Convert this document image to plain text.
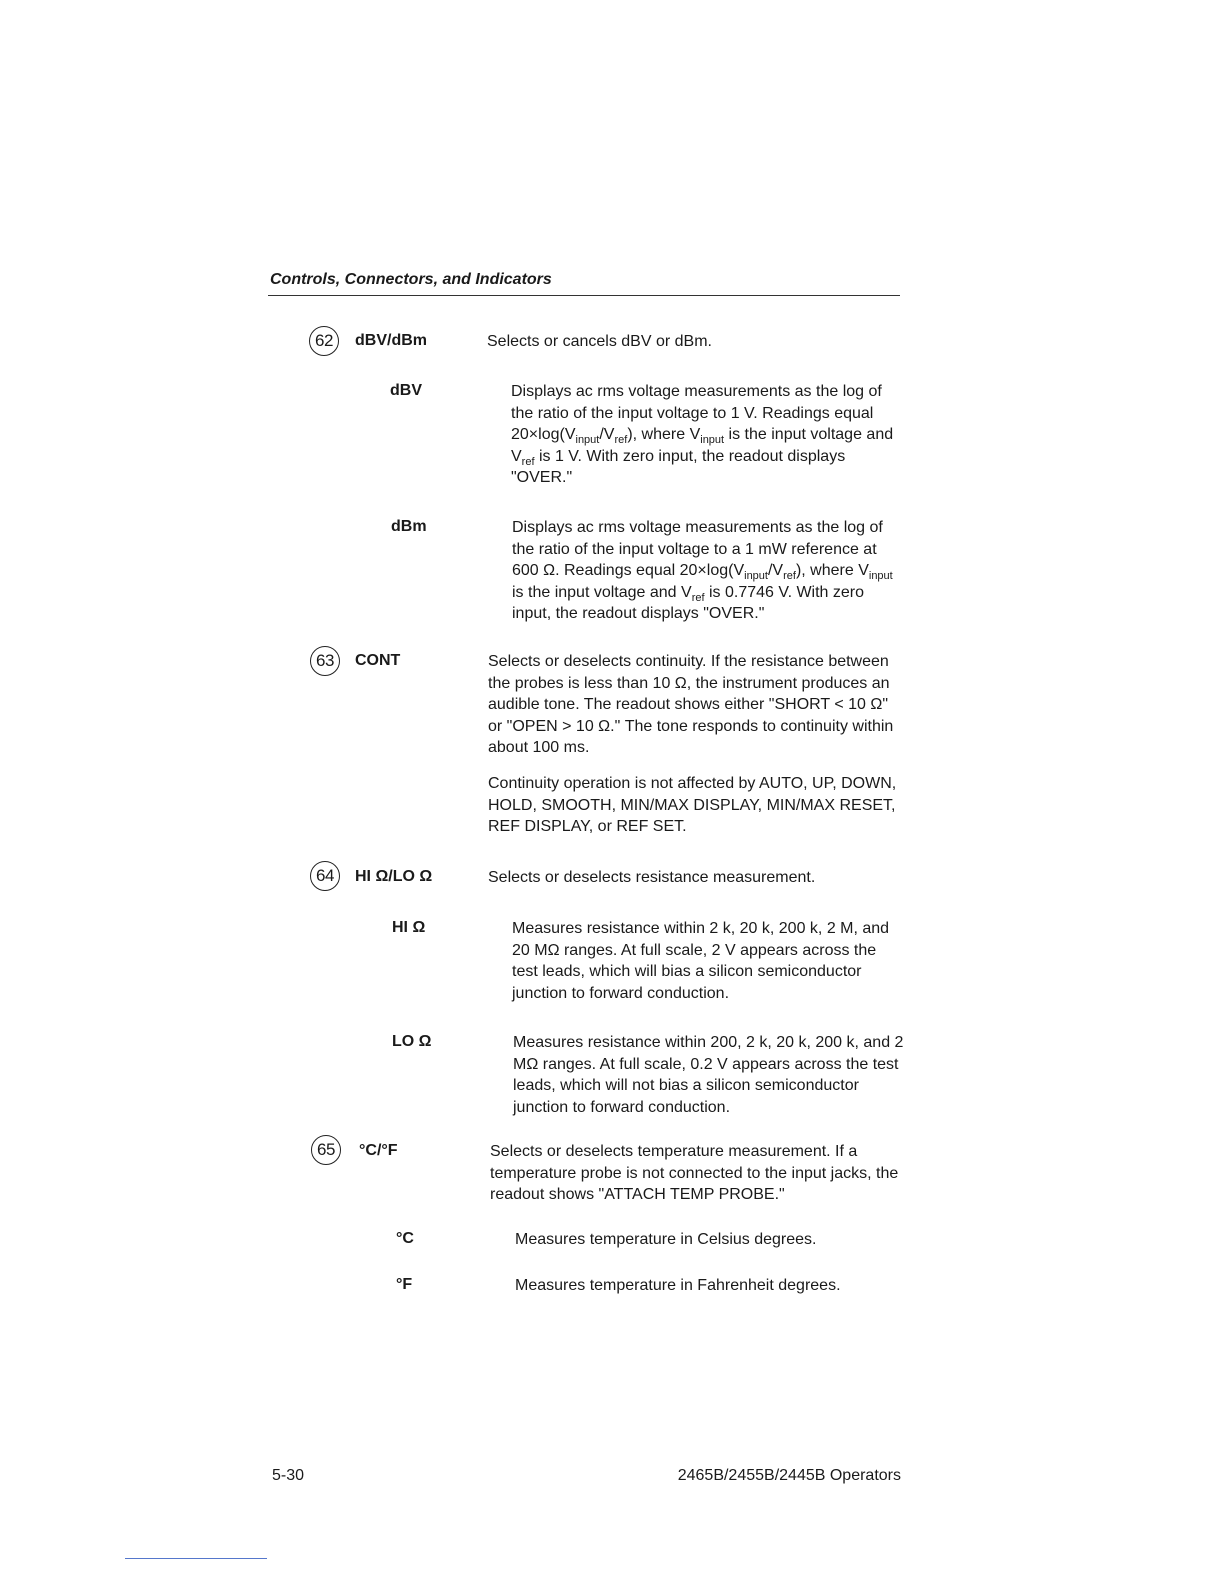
Controls, Connectors, and Indicators
62	dBV/dBm	Selects or cancels dBV or dBm.
dBV	Displays ac rms voltage measurements as the log of the ratio of the input voltage to 1 V. Readings equal $20\times\log(V_{input}/V_{ref})$, where $V_{input}$ is the input voltage and $V_{ref}$ is 1 V. With zero input, the readout displays "OVER."
dBm	Displays ac rms voltage measurements as the log of the ratio of the input voltage to a 1 mW reference at 600 Ω. Readings equal $20\times\log(V_{input}/V_{ref})$, where $V_{input}$ is the input voltage and $V_{ref}$ is 0.7746 V. With zero input, the readout displays "OVER."
63	CONT	Selects or deselects continuity. If the resistance between the probes is less than 10 Ω, the instrument produces an audible tone. The readout shows either "SHORT < 10 Ω" or "OPEN > 10 Ω." The tone responds to continuity within about 100 ms.

Continuity operation is not affected by AUTO, UP, DOWN, HOLD, SMOOTH, MIN/MAX DISPLAY, MIN/MAX RESET, REF DISPLAY, or REF SET.

64	HI Ω/LO Ω	Selects or deselects resistance measurement.
HI Ω	Measures resistance within 2 k, 20 k, 200 k, 2 M, and 20 MΩ ranges. At full scale, 2 V appears across the test leads, which will bias a silicon semiconductor junction to forward conduction.
LO Ω	Measures resistance within 200, 2 k, 20 k, 200 k, and 2 MΩ ranges. At full scale, 0.2 V appears across the test leads, which will not bias a silicon semiconductor junction to forward conduction.
65	°C/°F	Selects or deselects temperature measurement. If a temperature probe is not connected to the input jacks, the readout shows "ATTACH TEMP PROBE."
°C	Measures temperature in Celsius degrees.
°F	Measures temperature in Fahrenheit degrees.
5-30	2465B/2455B/2445B Operators
